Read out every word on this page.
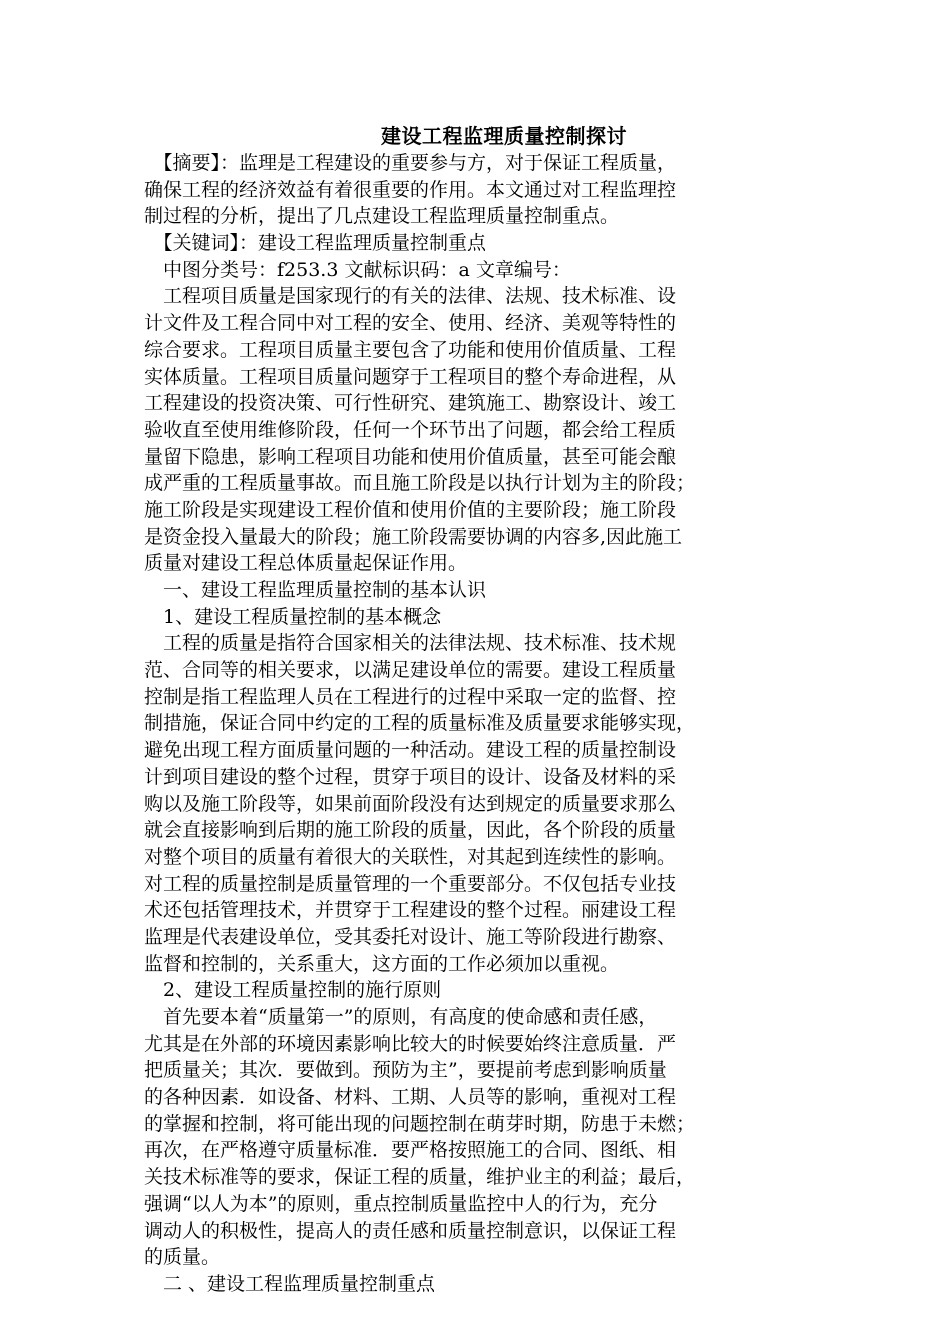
建设工程监理质量控制探讨
　【摘要】：监理是工程建设的重要参与方，对于保证工程质量，
确保工程的经济效益有着很重要的作用。本文通过对工程监理控
制过程的分析，提出了几点建设工程监理质量控制重点。
　【关键词】：建设工程监理质量控制重点
　中图分类号：f253.3 文献标识码：a 文章编号：
　工程项目质量是国家现行的有关的法律、法规、技术标准、设
计文件及工程合同中对工程的安全、使用、经济、美观等特性的
综合要求。工程项目质量主要包含了功能和使用价值质量、工程
实体质量。工程项目质量问题穿于工程项目的整个寿命进程，从
工程建设的投资决策、可行性研究、建筑施工、勘察设计、竣工
验收直至使用维修阶段，任何一个环节出了问题，都会给工程质
量留下隐患，影响工程项目功能和使用价值质量，甚至可能会酿
成严重的工程质量事故。而且施工阶段是以执行计划为主的阶段；
施工阶段是实现建设工程价值和使用价值的主要阶段；施工阶段
是资金投入量最大的阶段；施工阶段需要协调的内容多,因此施工
质量对建设工程总体质量起保证作用。
　一、建设工程监理质量控制的基本认识
　1、建设工程质量控制的基本概念
　工程的质量是指符合国家相关的法律法规、技术标准、技术规
范、合同等的相关要求，以满足建设单位的需要。建设工程质量
控制是指工程监理人员在工程进行的过程中采取一定的监督、控
制措施，保证合同中约定的工程的质量标准及质量要求能够实现，
避免出现工程方面质量问题的一种活动。建设工程的质量控制设
计到项目建设的整个过程，贯穿于项目的设计、设备及材料的采
购以及施工阶段等，如果前面阶段没有达到规定的质量要求那么
就会直接影响到后期的施工阶段的质量，因此，各个阶段的质量
对整个项目的质量有着很大的关联性，对其起到连续性的影响。
对工程的质量控制是质量管理的一个重要部分。不仅包括专业技
术还包括管理技术，并贯穿于工程建设的整个过程。丽建设工程
监理是代表建设单位，受其委托对设计、施工等阶段进行勘察、
监督和控制的，关系重大，这方面的工作必须加以重视。
　2、建设工程质量控制的施行原则
　首先要本着“质量第一”的原则，有高度的使命感和责任感，
尤其是在外部的环境因素影响比较大的时候要始终注意质量．严
把质量关；其次．要做到。预防为主”，要提前考虑到影响质量
的各种因素．如设备、材料、工期、人员等的影响，重视对工程
的掌握和控制，将可能出现的问题控制在萌芽时期，防患于未燃；
再次，在严格遵守质量标准．要严格按照施工的合同、图纸、相
关技术标准等的要求，保证工程的质量，维护业主的利益；最后，
强调“以人为本”的原则，重点控制质量监控中人的行为，充分
调动人的积极性，提高人的责任感和质量控制意识，以保证工程
的质量。
　二 、建设工程监理质量控制重点
